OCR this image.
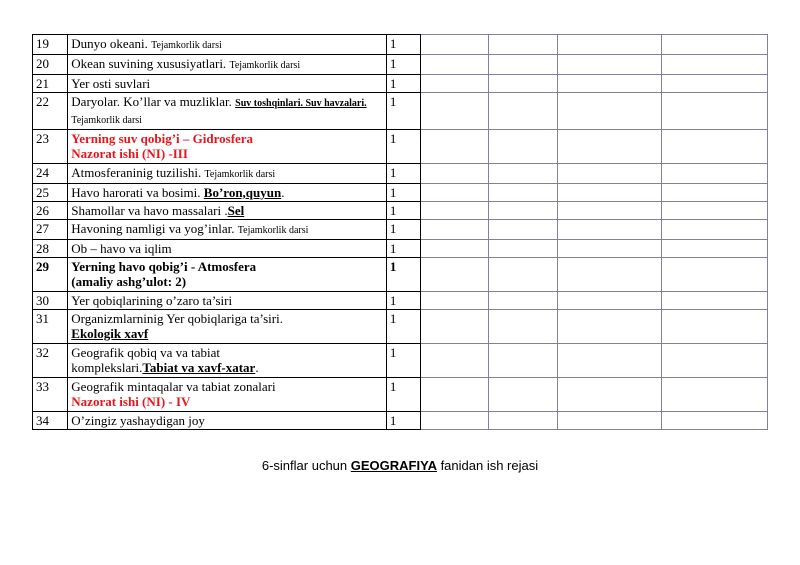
19	Dunyo okeani. Tejamkorlik darsi	1				
20	Okean suvining xususiyatlari. Tejamkorlik darsi	1				
21	Yer osti suvlari	1				
22	Daryolar. Ko’llar va muzliklar. Suv toshqinlari. Suv havzalari. Tejamkorlik darsi	1				
23	Yerning suv qobig’i – Gidrosfera
Nazorat ishi (NI) -III	1				
24	Atmosferaninig tuzilishi. Tejamkorlik darsi	1				
25	Havo harorati va bosimi. Bo’ron,quyun.	1				
26	Shamollar va havo massalari .Sel	1				
27	Havoning namligi va yog’inlar. Tejamkorlik darsi	1				
28	Ob – havo va iqlim	1				
29	Yerning havo qobig’i - Atmosfera
(amaliy ashg’ulot: 2)	1				
30	Yer qobiqlarining o’zaro ta’siri	1				
31	Organizmlarninig Yer qobiqlariga ta’siri.
Ekologik xavf	1				
32	Geografik qobiq va va tabiat
komplekslari.Tabiat va xavf-xatar.	1				
33	Geografik mintaqalar va tabiat zonalari
Nazorat ishi (NI) - IV	1				
34	O’zingiz yashaydigan joy	1				
6-sinflar uchun GEOGRAFIYA fanidan ish rejasi
